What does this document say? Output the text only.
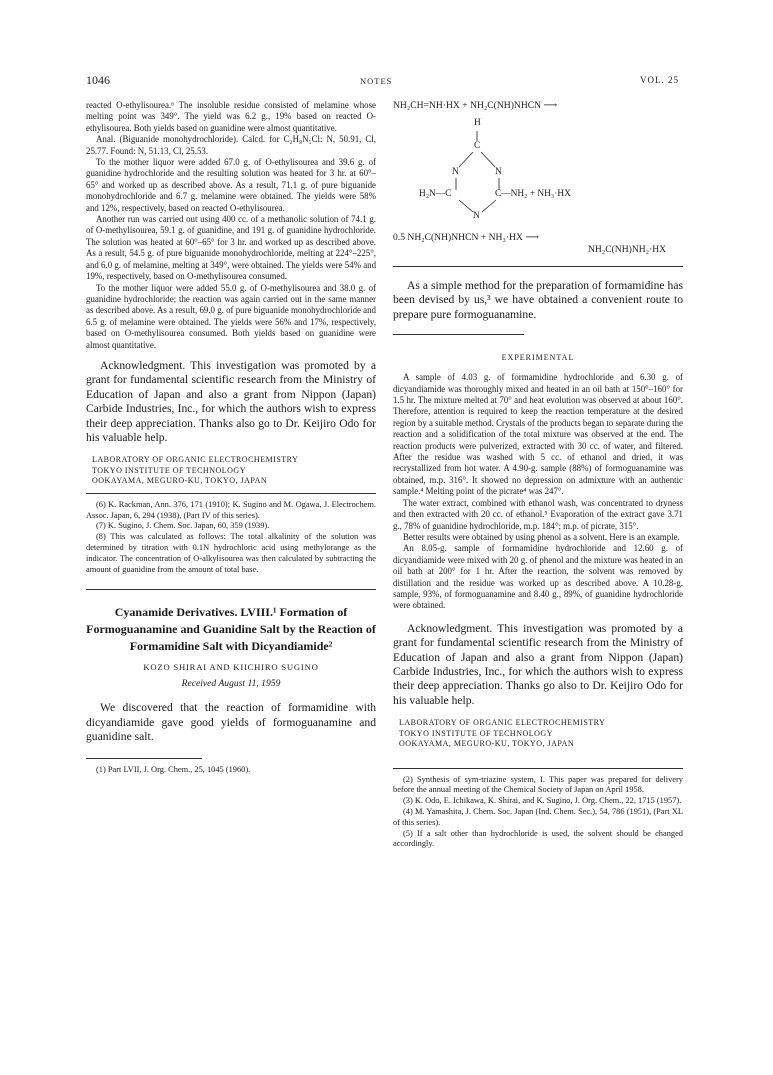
1046	NOTES	VOL. 25

reacted O-ethylisourea.⁶ The insoluble residue consisted of melamine whose melting point was 349°. The yield was 6.2 g., 19% based on reacted O-ethylisourea. Both yields based on guanidine were almost quantitative.

Anal. (Biguanide monohydrochloride). Calcd. for C₂H₈N₅Cl: N, 50.91, Cl, 25.77. Found: N, 51.13, Cl, 25.53.

To the mother liquor were added 67.0 g. of O-ethylisourea and 39.6 g. of guanidine hydrochloride and the resulting solution was heated for 3 hr. at 60°–65° and worked up as described above. As a result, 71.1 g. of pure biguanide monohydrochloride and 6.7 g. melamine were obtained. The yields were 58% and 12%, respectively, based on reacted O-ethylisourea.

Another run was carried out using 400 cc. of a methanolic solution of 74.1 g. of O-methylisourea, 59.1 g. of guanidine, and 191 g. of guanidine hydrochloride. The solution was heated at 60°–65° for 3 hr. and worked up as described above. As a result, 54.5 g. of pure biguanide monohydrochloride, melting at 224°–225°, and 6.0 g. of melamine, melting at 349°, were obtained. The yields were 54% and 19%, respectively, based on O-methylisourea consumed.

To the mother liquor were added 55.0 g. of O-methylisourea and 38.0 g. of guanidine hydrochloride; the reaction was again carried out in the same manner as described above. As a result, 69.0 g. of pure biguanide monohydrochloride and 6.5 g. of melamine were obtained. The yields were 56% and 17%, respectively, based on O-methylisourea consumed. Both yields based on guanidine were almost quantitative.

Acknowledgment. This investigation was promoted by a grant for fundamental scientific research from the Ministry of Education of Japan and also a grant from Nippon (Japan) Carbide Industries, Inc., for which the authors wish to express their deep appreciation. Thanks also go to Dr. Keijiro Odo for his valuable help.

LABORATORY OF ORGANIC ELECTROCHEMISTRY

TOKYO INSTITUTE OF TECHNOLOGY

OOKAYAMA, MEGURO-KU, TOKYO, JAPAN

(6) K. Rackman, Ann. 376, 171 (1910); K. Sugino and M. Ogawa, J. Electrochem. Assoc. Japan, 6, 294 (1938), (Part IV of this series).

(7) K. Sugino, J. Chem. Soc. Japan, 60, 359 (1939).

(8) This was calculated as follows: The total alkalinity of the solution was determined by titration with 0.1N hydrochloric acid using methylorange as the indicator. The concentration of O-alkylisourea was then calculated by subtracting the amount of guanidine from the amount of total base.

Cyanamide Derivatives. LVIII.¹ Formation of Formoguanamine and Guanidine Salt by the Reaction of Formamidine Salt with Dicyandiamide²

KOZO SHIRAI AND KIICHIRO SUGINO

Received August 11, 1959

We discovered that the reaction of formamidine with dicyandiamide gave good yields of formoguanamine and guanidine salt.

(1) Part LVII, J. Org. Chem., 25, 1045 (1960).

NH₂CH=NH·HX + NH₂C(NH)NHCN ⟶

H
C
N	N
H₂N—C	C—NH₂ + NH₃·HX
N

0.5 NH₂C(NH)NHCN + NH₃·HX ⟶

NH₂C(NH)NH₂·HX

As a simple method for the preparation of formamidine has been devised by us,³ we have obtained a convenient route to prepare pure formoguanamine.

EXPERIMENTAL

A sample of 4.03 g. of formamidine hydrochloride and 6.30 g. of dicyandiamide was thoroughly mixed and heated in an oil bath at 150°–160° for 1.5 hr. The mixture melted at 70° and heat evolution was observed at about 160°. Therefore, attention is required to keep the reaction temperature at the desired region by a suitable method. Crystals of the products began to separate during the reaction and a solidification of the total mixture was observed at the end. The reaction products were pulverized, extracted with 30 cc. of water, and filtered. After the residue was washed with 5 cc. of ethanol and dried, it was recrystallized from hot water. A 4.90-g. sample (88%) of formoguanamine was obtained, m.p. 316°. It showed no depression on admixture with an authentic sample.⁴ Melting point of the picrate⁴ was 247°.

The water extract, combined with ethanol wash, was concentrated to dryness and then extracted with 20 cc. of ethanol.⁵ Evaporation of the extract gave 3.71 g., 78% of guanidine hydrochloride, m.p. 184°; m.p. of picrate, 315°.

Better results were obtained by using phenol as a solvent. Here is an example.

An 8.05-g. sample of formamidine hydrochloride and 12.60 g. of dicyandiamide were mixed with 20 g. of phenol and the mixture was heated in an oil bath at 200° for 1 hr. After the reaction, the solvent was removed by distillation and the residue was worked up as described above. A 10.28-g. sample, 93%, of formoguanamine and 8.40 g., 89%, of guanidine hydrochloride were obtained.

Acknowledgment. This investigation was promoted by a grant for fundamental scientific research from the Ministry of Education of Japan and also a grant from Nippon (Japan) Carbide Industries, Inc., for which the authors wish to express their deep appreciation. Thanks go also to Dr. Keijiro Odo for his valuable help.

LABORATORY OF ORGANIC ELECTROCHEMISTRY

TOKYO INSTITUTE OF TECHNOLOGY

OOKAYAMA, MEGURO-KU, TOKYO, JAPAN

(2) Synthesis of sym-triazine system, I. This paper was prepared for delivery before the annual meeting of the Chemical Society of Japan on April 1958.

(3) K. Odo, E. Ichikawa, K. Shirai, and K. Sugino, J. Org. Chem., 22, 1715 (1957).

(4) M. Yamashita, J. Chem. Soc. Japan (Ind. Chem. Sec.), 54, 786 (1951), (Part XL of this series).

(5) If a salt other than hydrochloride is used, the solvent should be changed accordingly.
